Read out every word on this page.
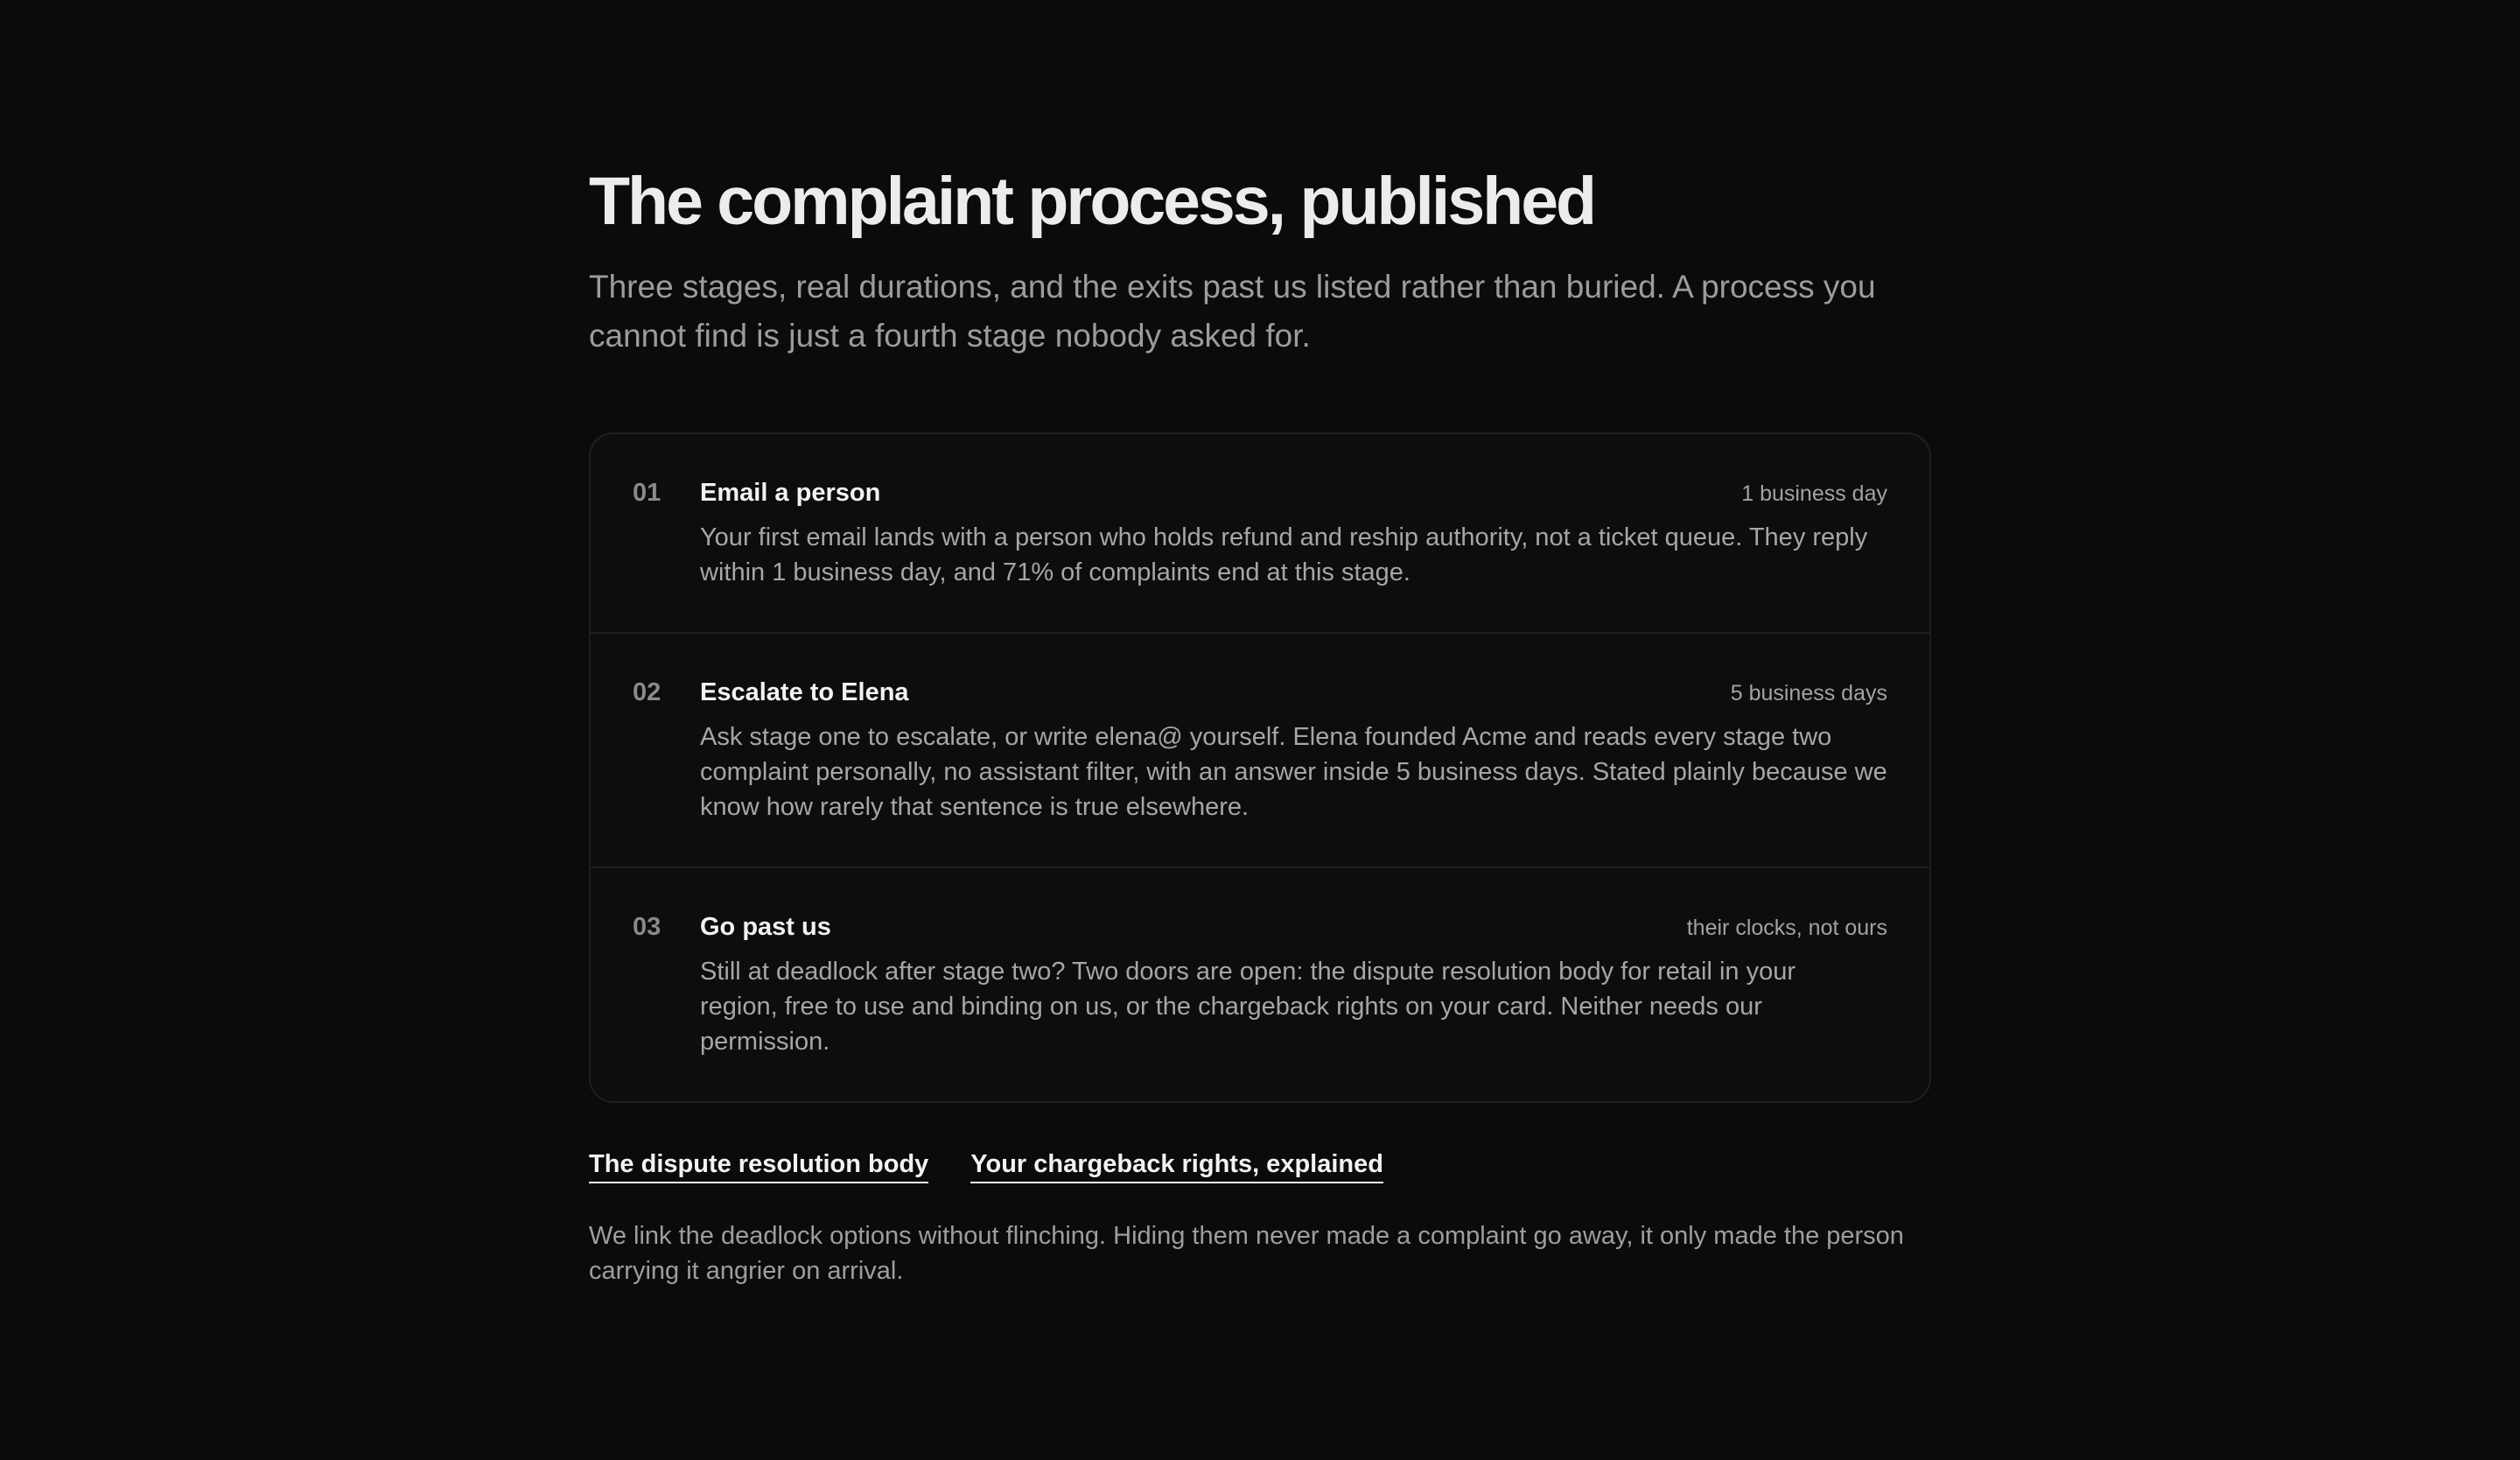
The complaint process, published

Three stages, real durations, and the exits past us listed rather than buried. A process you cannot find is just a fourth stage nobody asked for.

01 Email a person	1 business day

Your first email lands with a person who holds refund and reship authority, not a ticket queue. They reply within 1 business day, and 71% of complaints end at this stage.

02 Escalate to Elena	5 business days

Ask stage one to escalate, or write elena@ yourself. Elena founded Acme and reads every stage two complaint personally, no assistant filter, with an answer inside 5 business days. Stated plainly because we know how rarely that sentence is true elsewhere.

03 Go past us	their clocks, not ours

Still at deadlock after stage two? Two doors are open: the dispute resolution body for retail in your region, free to use and binding on us, or the chargeback rights on your card. Neither needs our permission.

The dispute resolution body Your chargeback rights, explained

We link the deadlock options without flinching. Hiding them never made a complaint go away, it only made the person carrying it angrier on arrival.
